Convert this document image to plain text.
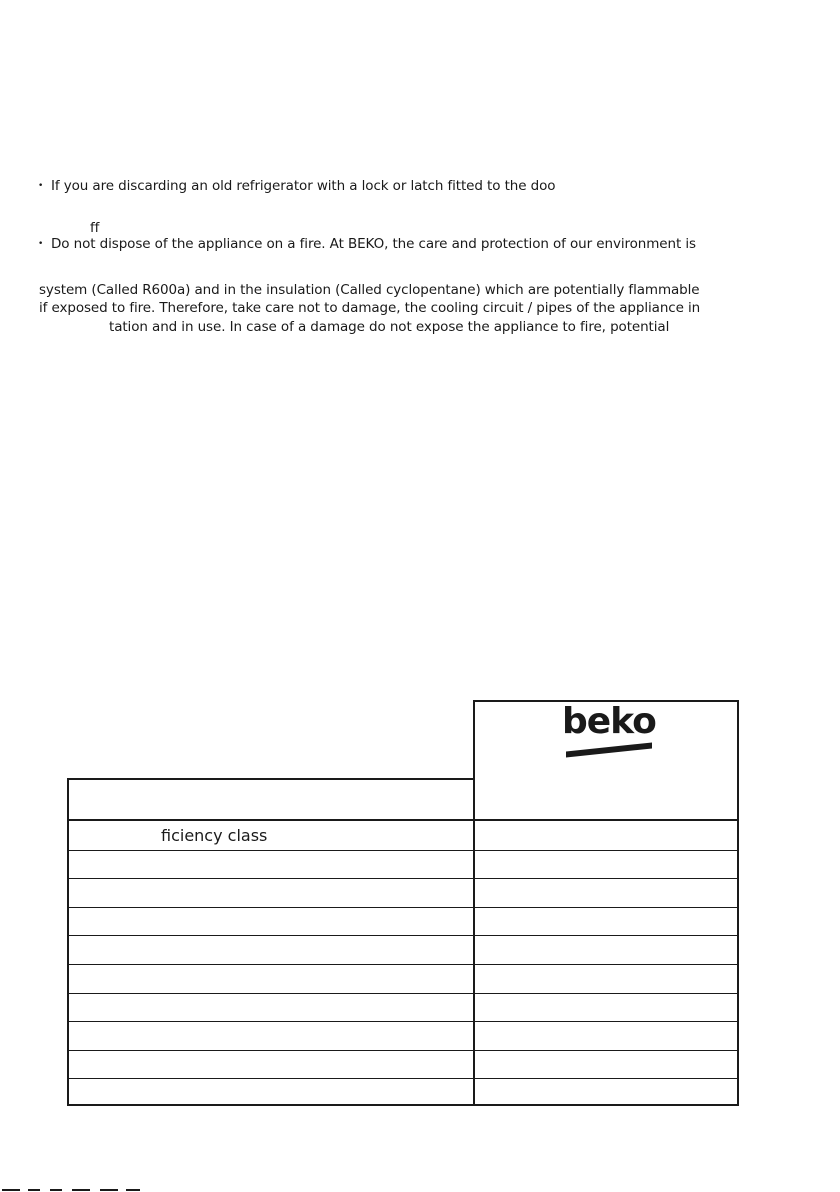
• If you are discarding an old refrigerator with a lock or latch fitted to the doo
ff
• Do not dispose of the appliance on a fire. At BEKO, the care and protection of our environment is
system (Called R600a) and in the insulation (Called cyclopentane) which are potentially flammable
if exposed to fire. Therefore, take care not to damage, the cooling circuit / pipes of the appliance in
tation and in use. In case of a damage do not expose the appliance to fire, potential
ficiency class
beko
